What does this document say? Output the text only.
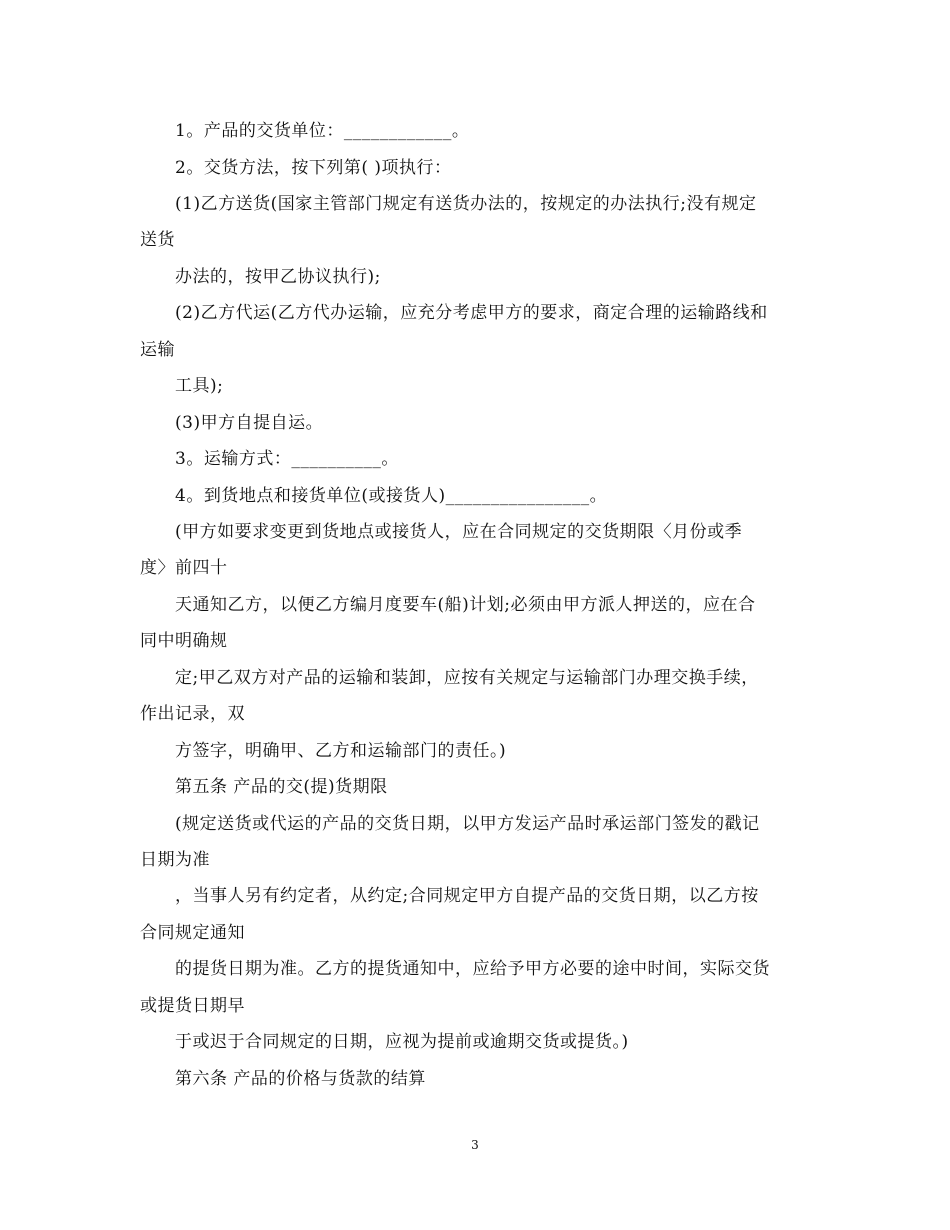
1。产品的交货单位：____________。
2。交货方法，按下列第( )项执行：
(1)乙方送货(国家主管部门规定有送货办法的，按规定的办法执行;没有规定
送货
办法的，按甲乙协议执行);
(2)乙方代运(乙方代办运输，应充分考虑甲方的要求，商定合理的运输路线和
运输
工具);
(3)甲方自提自运。
3。运输方式：__________。
4。到货地点和接货单位(或接货人)________________。
(甲方如要求变更到货地点或接货人，应在合同规定的交货期限〈月份或季
度〉前四十
天通知乙方，以便乙方编月度要车(船)计划;必须由甲方派人押送的，应在合
同中明确规
定;甲乙双方对产品的运输和装卸，应按有关规定与运输部门办理交换手续，
作出记录，双
方签字，明确甲、乙方和运输部门的责任。)
第五条 产品的交(提)货期限
(规定送货或代运的产品的交货日期，以甲方发运产品时承运部门签发的戳记
日期为准
，当事人另有约定者，从约定;合同规定甲方自提产品的交货日期，以乙方按
合同规定通知
的提货日期为准。乙方的提货通知中，应给予甲方必要的途中时间，实际交货
或提货日期早
于或迟于合同规定的日期，应视为提前或逾期交货或提货。)
第六条 产品的价格与货款的结算
3
